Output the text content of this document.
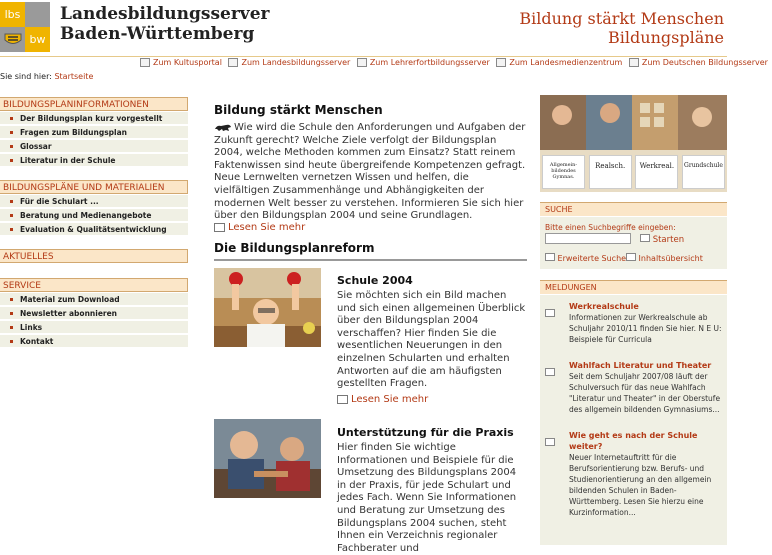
lbs
bw
Landesbildungsserver
Baden-Württemberg
Bildung stärkt Menschen
Bildungspläne
Zum Kultusportal Zum Landesbildungsserver Zum Lehrerfortbildungsserver Zum Landesmedienzentrum Zum Deutschen Bildungsserver
Sie sind hier: Startseite
BILDUNGSPLANINFORMATIONEN
Der Bildungsplan kurz vorgestellt
Fragen zum Bildungsplan
Glossar
Literatur in der Schule
BILDUNGSPLÄNE UND MATERIALIEN
Für die Schulart ...
Beratung und Medienangebote
Evaluation & Qualitätsentwicklung
AKTUELLES
SERVICE
Material zum Download
Newsletter abonnieren
Links
Kontakt
Bildung stärkt Menschen
Wie wird die Schule den Anforderungen und Aufgaben der Zukunft gerecht? Welche Ziele verfolgt der Bildungsplan 2004, welche Methoden kommen zum Einsatz? Statt reinem Faktenwissen sind heute übergreifende Kompetenzen gefragt. Neue Lernwelten vernetzen Wissen und helfen, die vielfältigen Zusammenhänge und Abhängigkeiten der modernen Welt besser zu verstehen. Informieren Sie sich hier über den Bildungsplan 2004 und seine Grundlagen.
Lesen Sie mehr
Die Bildungsplanreform
Schule 2004
Sie möchten sich ein Bild machen und sich einen allgemeinen Überblick über den Bildungsplan 2004 verschaffen? Hier finden Sie die wesentlichen Neuerungen in den einzelnen Schularten und erhalten Antworten auf die am häufigsten gestellten Fragen.
Lesen Sie mehr
Unterstützung für die Praxis
Hier finden Sie wichtige Informationen und Beispiele für die Umsetzung des Bildungsplans 2004 in der Praxis, für jede Schulart und jedes Fach. Wenn Sie Informationen und Beratung zur Umsetzung des Bildungsplans 2004 suchen, steht Ihnen ein Verzeichnis regionaler Fachberater und
Allgemein-bildendes Gymnas.
Realsch.	Werkreal.	Grundschule
SUCHE
Bitte einen Suchbegriffe eingeben:
Starten
Erweiterte Suche	Inhaltsübersicht
MELDUNGEN
Werkrealschule
Informationen zur Werkrealschule ab Schuljahr 2010/11 finden Sie hier. N E U: Beispiele für Curricula
Wahlfach Literatur und Theater
Seit dem Schuljahr 2007/08 läuft der Schulversuch für das neue Wahlfach "Literatur und Theater" in der Oberstufe des allgemein bildenden Gymnasiums...
Wie geht es nach der Schule weiter?
Neuer Internetauftritt für die Berufsorientierung bzw. Berufs- und Studienorientierung an den allgemein bildenden Schulen in Baden-Württemberg. Lesen Sie hierzu eine Kurzinformation...
